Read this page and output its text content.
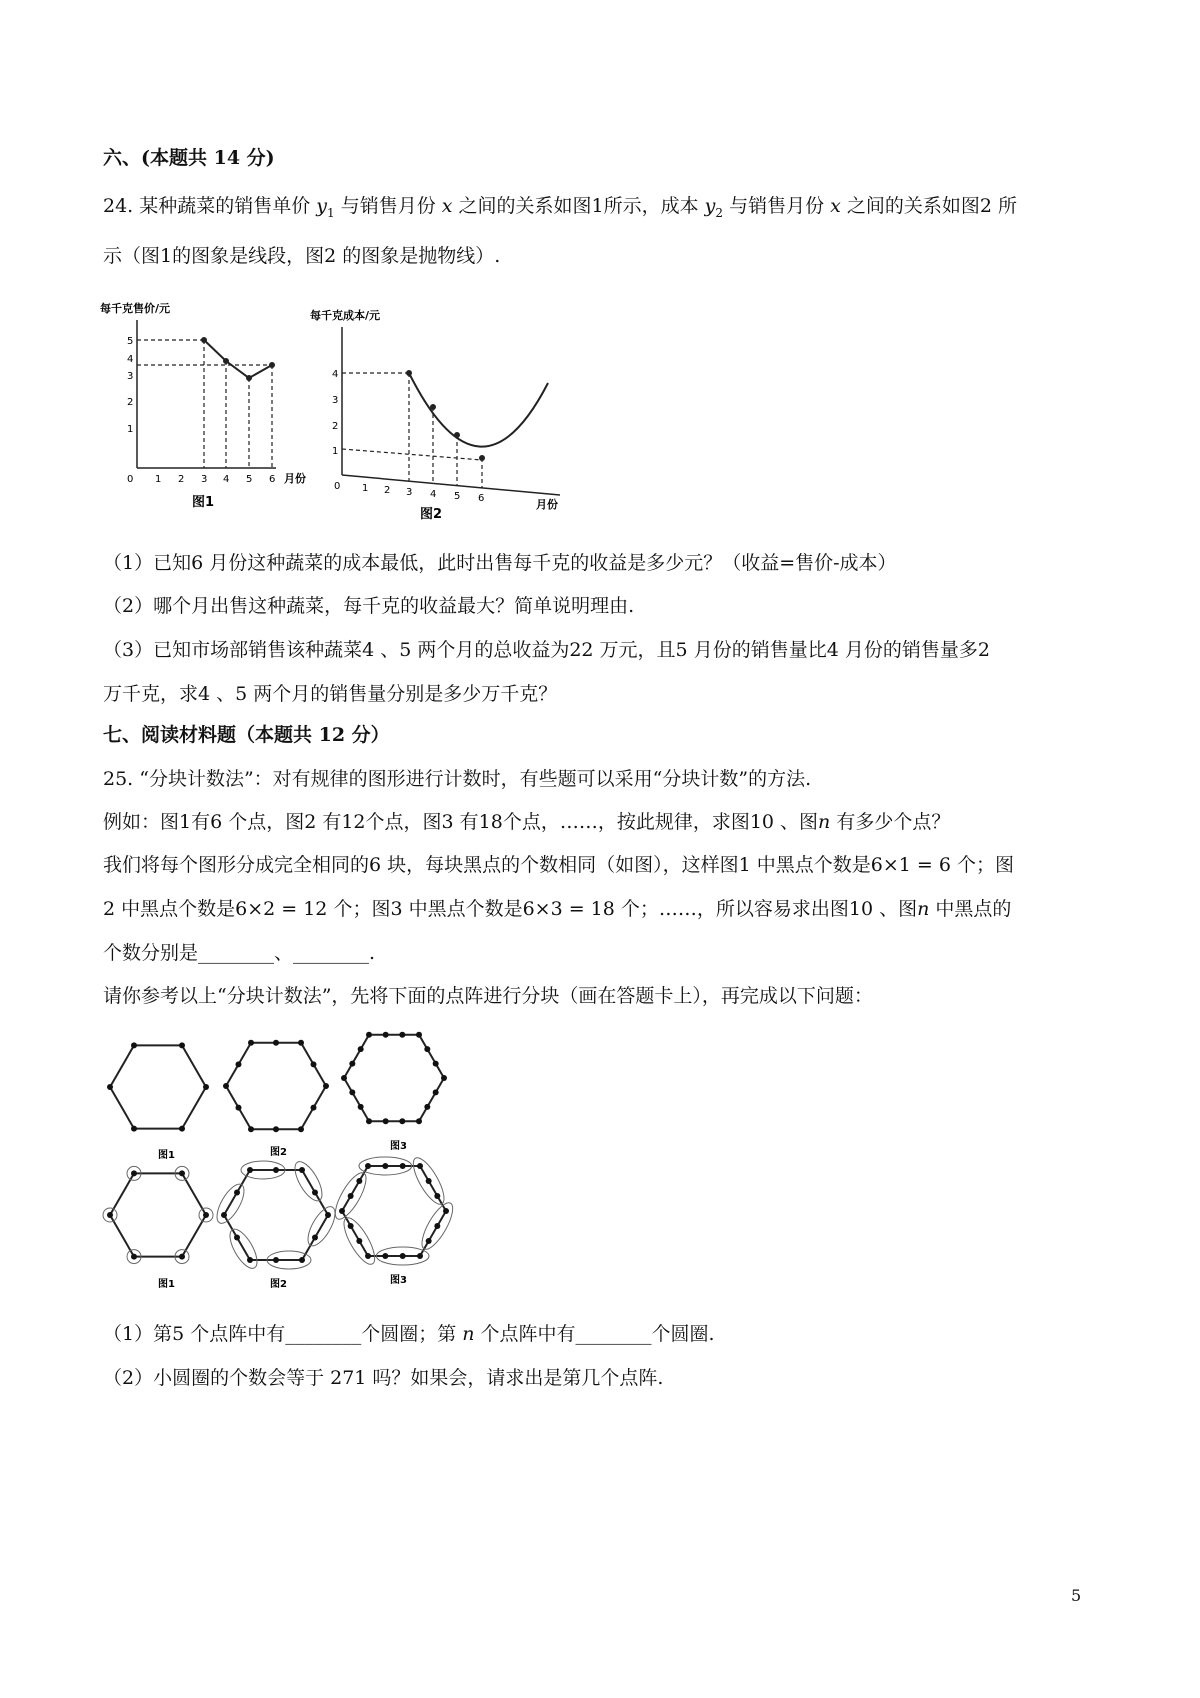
六、(本题共 14 分)
24. 某种蔬菜的销售单价 $y_1$ 与销售月份 x 之间的关系如图1所示，成本 $y_2$ 与销售月份 x 之间的关系如图2 所
示（图1的图象是线段，图2 的图象是抛物线）.
每千克售价/元
5
4
3
2
1
0 1 2 3 4 5 6 月份
图1
每千克成本/元
4
3
2
1
0 1 2 3 4 5 6	月份
图2
（1）已知6 月份这种蔬菜的成本最低，此时出售每千克的收益是多少元？（收益=售价-成本）
（2）哪个月出售这种蔬菜，每千克的收益最大？简单说明理由.
（3）已知市场部销售该种蔬菜4 、5 两个月的总收益为22 万元，且5 月份的销售量比4 月份的销售量多2
万千克，求4 、5 两个月的销售量分别是多少万千克？
七、阅读材料题（本题共 12 分）
25. “分块计数法”：对有规律的图形进行计数时，有些题可以采用“分块计数”的方法.
例如：图1有6 个点，图2 有12个点，图3 有18个点，……，按此规律，求图10 、图n 有多少个点？
我们将每个图形分成完全相同的6 块，每块黑点的个数相同（如图），这样图1 中黑点个数是6×1 = 6 个；图
2 中黑点个数是6×2 = 12 个；图3 中黑点个数是6×3 = 18 个；……，所以容易求出图10 、图n 中黑点的
个数分别是________、________.
请你参考以上“分块计数法”，先将下面的点阵进行分块（画在答题卡上），再完成以下问题：
图1	图2
图3
图1	图2	图3
（1）第5 个点阵中有________个圆圈；第 n 个点阵中有________个圆圈.
（2）小圆圈的个数会等于 271 吗？如果会，请求出是第几个点阵.
5
